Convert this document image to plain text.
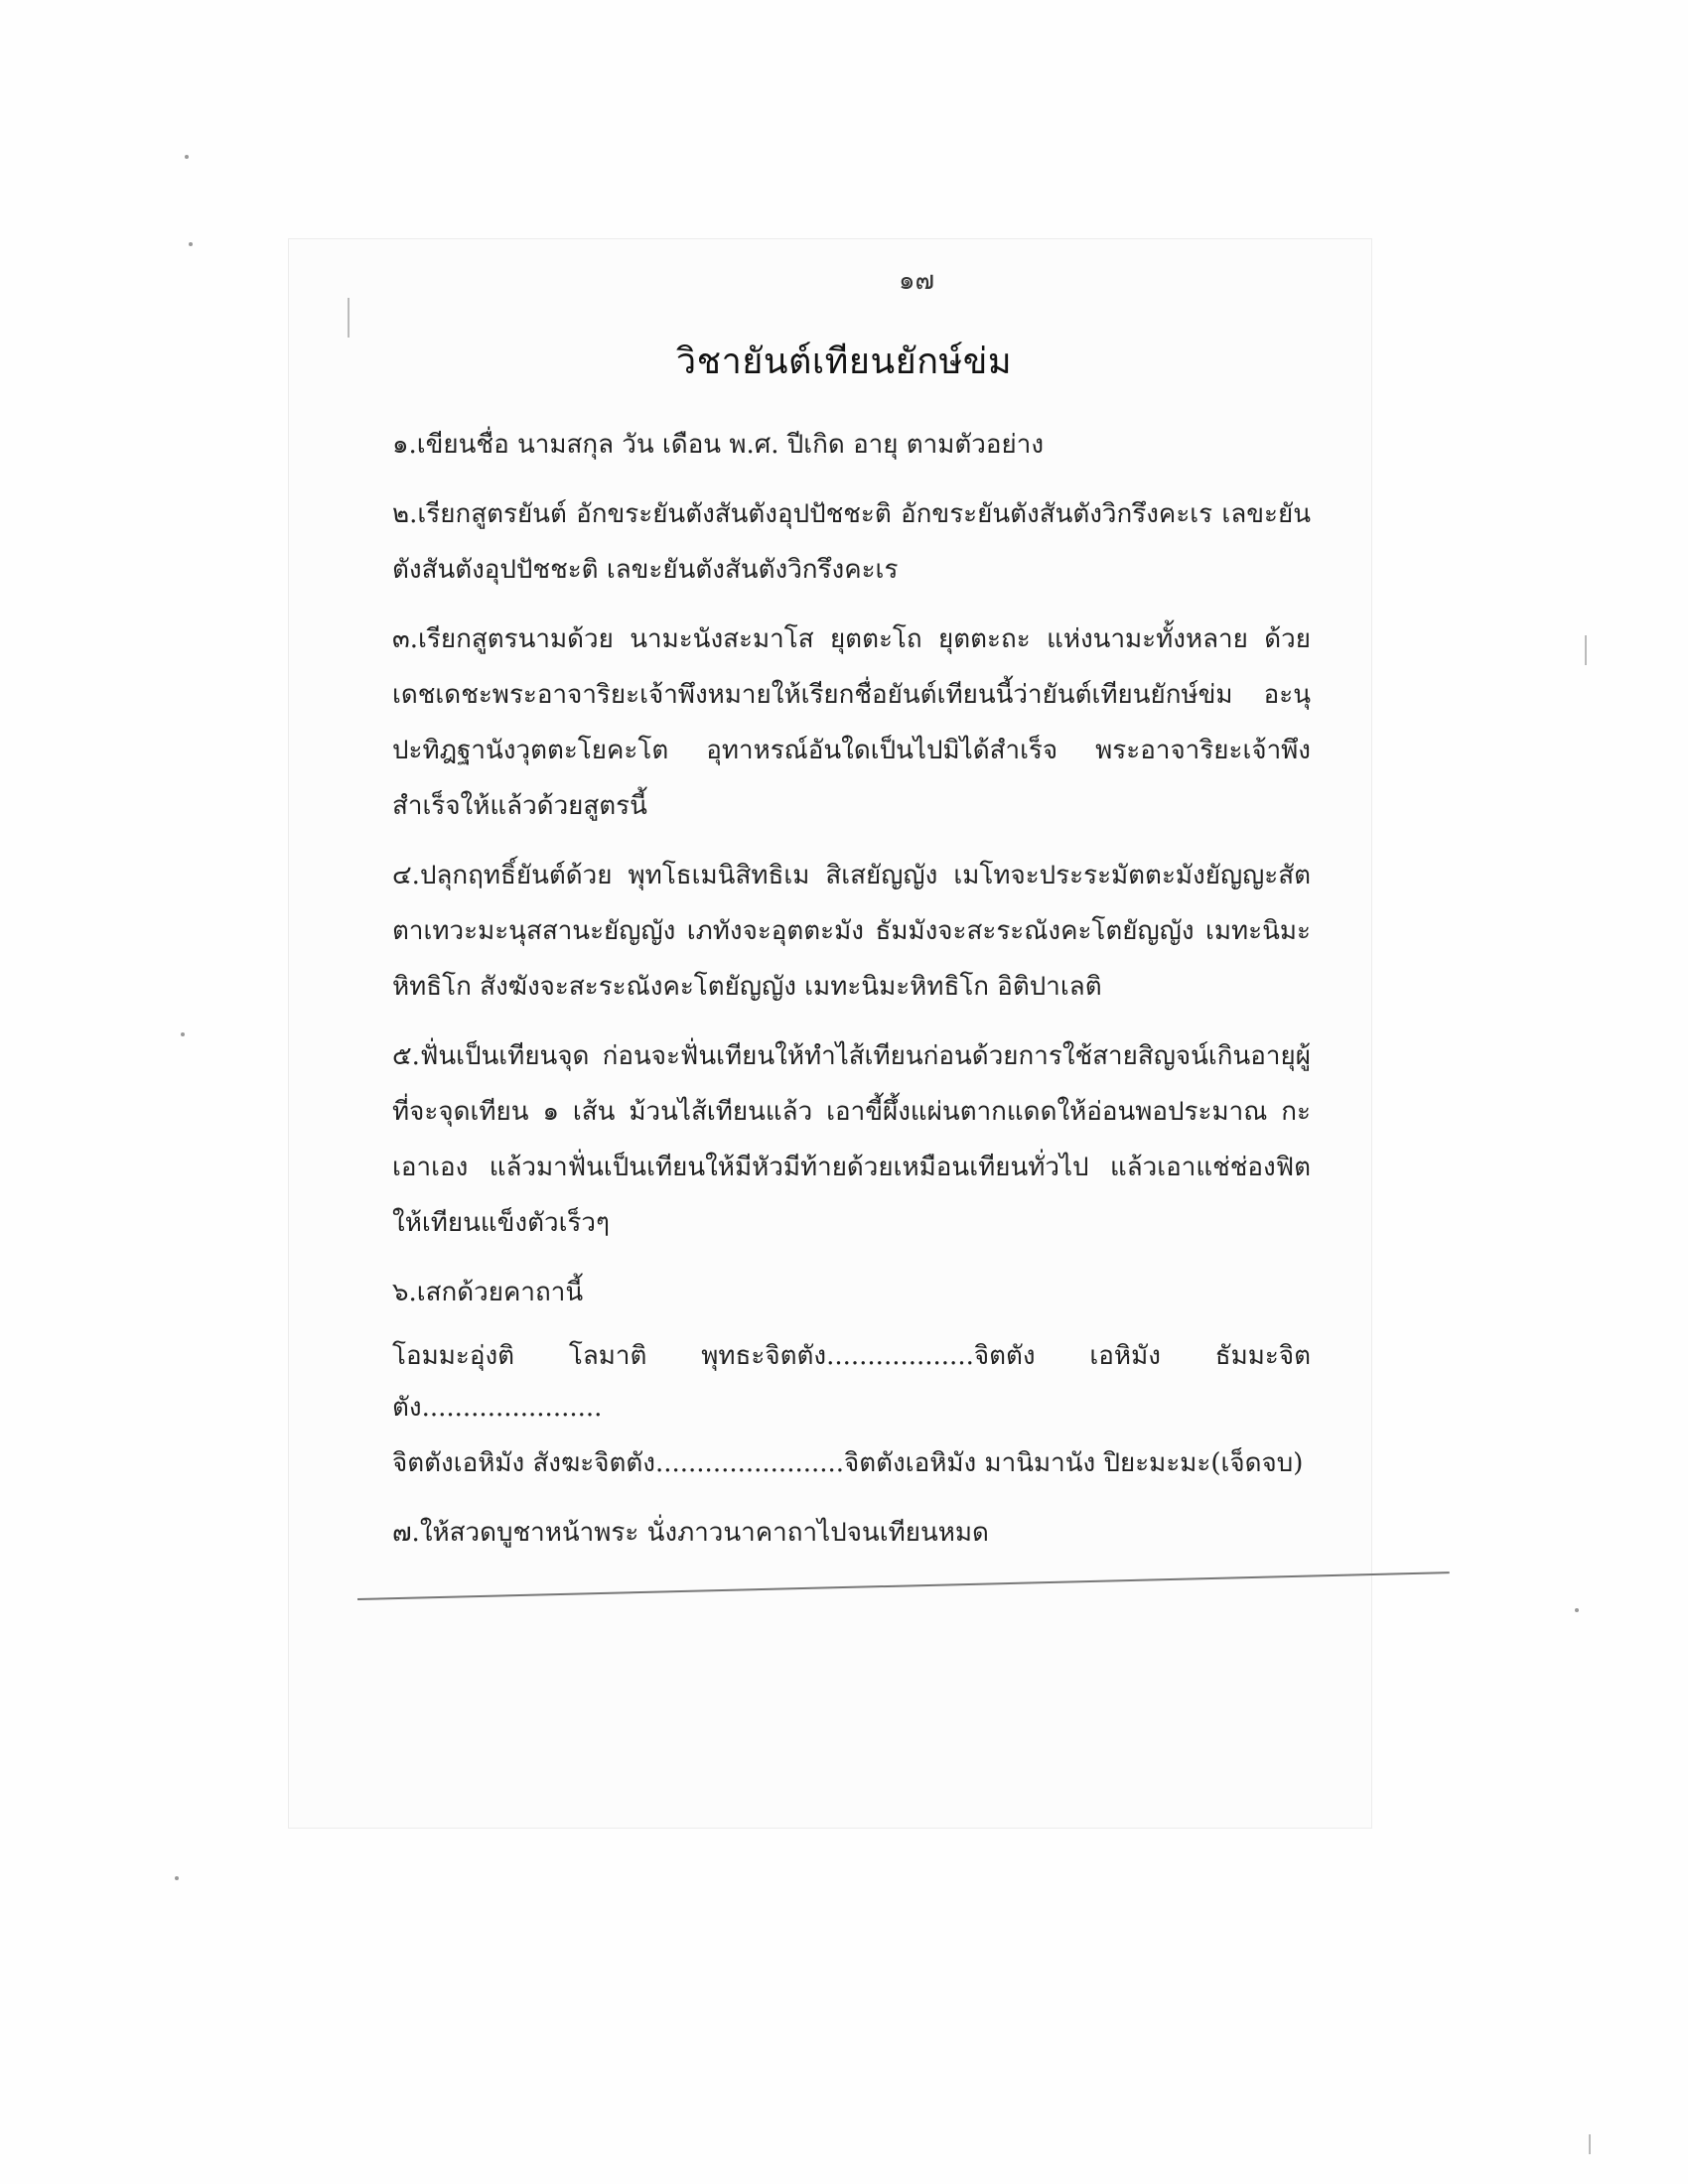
๑๗
วิชายันต์เทียนยักษ์ข่ม

๑.เขียนชื่อ นามสกุล วัน เดือน พ.ศ. ปีเกิด อายุ ตามตัวอย่าง

๒.เรียกสูตรยันต์ อักขระยันตังสันตังอุปปัชชะติ อักขระยันตังสันตังวิกรึงคะเร เลขะยันตังสันตังอุปปัชชะติ เลขะยันตังสันตังวิกรึงคะเร

๓.เรียกสูตรนามด้วย นามะนังสะมาโส ยุตตะโถ ยุตตะถะ แห่งนามะทั้งหลาย ด้วยเดชเดชะพระอาจาริยะเจ้าพึงหมายให้เรียกชื่อยันต์เทียนนี้ว่ายันต์เทียนยักษ์ข่ม อะนุปะทิฎฐานังวุตตะโยคะโต อุทาหรณ์อันใดเป็นไปมิได้สำเร็จ พระอาจาริยะเจ้าพึงสำเร็จให้แล้วด้วยสูตรนี้

๔.ปลุกฤทธิ์ยันต์ด้วย พุทโธเมนิสิทธิเม สิเสยัญญัง เมโทจะประระมัตตะมังยัญญะสัตตาเทวะมะนุสสานะยัญญัง เภทังจะอุตตะมัง ธัมมังจะสะระณังคะโตยัญญัง เมทะนิมะหิทธิโก สังฆังจะสะระณังคะโตยัญญัง เมทะนิมะหิทธิโก อิติปาเลติ

๕.ฟั่นเป็นเทียนจุด ก่อนจะฟั่นเทียนให้ทำไส้เทียนก่อนด้วยการใช้สายสิญจน์เกินอายุผู้ที่จะจุดเทียน ๑ เส้น ม้วนไส้เทียนแล้ว เอาขี้ผึ้งแผ่นตากแดดให้อ่อนพอประมาณ กะเอาเอง แล้วมาฟั่นเป็นเทียนให้มีหัวมีท้ายด้วยเหมือนเทียนทั่วไป แล้วเอาแช่ช่องฟิตให้เทียนแข็งตัวเร็วๆ

๖.เสกด้วยคาถานี้

โอมมะอุ่งติ โลมาติ พุทธะจิตตัง..................จิตตัง เอหิมัง ธัมมะจิตตัง......................

จิตตังเอหิมัง สังฆะจิตตัง.......................จิตตังเอหิมัง มานิมานัง ปิยะมะมะ(เจ็ดจบ)

๗.ให้สวดบูชาหน้าพระ นั่งภาวนาคาถาไปจนเทียนหมด
